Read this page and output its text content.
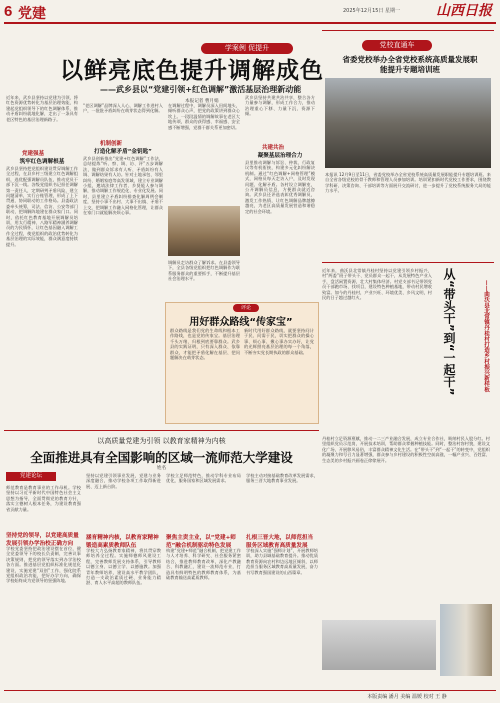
6 党建	2025年12月15日 星期一	山西日报
学案例 促提升
以鲜亮底色提升调解成色
——武乡县以“党建引领+红色调解”激活基层治理新动能
本报记者 曹月娟
近年来，武乡县坚持以党建为引领，将红色资源优势转化为基层治理效能，构建起党组织领导下的红色调解体系，推动矛盾纠纷就地化解，走出了一条具有老区特色的基层治理新路子。
党建强基
筑牢红色调解根基
武乡县坚持把党组织建设贯穿调解工作全过程，在县乡村三级建立红色调解组织，选优配强调解员队伍，推动党员干部下沉一线。各级党组织书记担任调解第一责任人，定期研判矛盾风险，建立问题清单，实行台账管理，形成了上下贯通、协同联动的工作格局。县委政法委牵头统筹，司法、信访、公安等部门联动，把调解阵地建在群众家门口。同时，依托红色教育基地开展调解员培训，用太行精神、八路军精神涵养调解员的为民情怀，让红色基因融入调解工作全过程，使党组织的政治优势转化为基层治理的实际效能，群众满意度持续提升。
“老区调解”品牌深入人心，调解工作进村入户，一批批矛盾纠纷在萌芽状态得到化解。
机制创新
打造化解矛盾“金钥匙”
武乡县创新推出“党建+红色调解”工作法，总结提炼“听、察、调、访、评”五步调解法，做到群众诉求有人听、矛盾纠纷有人调、调解结果有人访。针对土地承包、邻里纠纷、婚姻家庭等高发领域，建立专业调解小组，邀请法律工作者、乡贤能人参与调解，推动调解工作规范化、专业化发展。同时，县里建立矛盾纠纷排查化解周例会制度，坚持小事不出村、大事不出镇、矛盾不上交，把调解工作融入网格化管理，让群众在家门口就能解决烦心事。
在调解过程中，调解员深入田间地头，倾听群众心声，把党的政策讲到群众心坎上。一段段温情的调解故事在老区大地传颂，群众的获得感、幸福感、安全感不断增强，党群干群关系更加密切。
调解员走访群众了解诉求。在县委领导下，全县各级党组织把红色调解作为联系服务群众的重要抓手，不断提升基层社会治理水平。
武乡县坚持共建共治共享，整合各方力量参与调解，形成工作合力，推动治理重心下移、力量下沉、资源下倾。
共建共治
凝聚基层治理合力
县里推动调解与诉讼、仲裁、行政复议等有机衔接，构建多元化纠纷解决机制。通过“红色调解+网格管理”模式，网格员每天走访入户，及时发现问题、化解矛盾。各村设立调解室，公开调解员信息，方便群众就近咨询。武乡县还评选表彰优秀调解员，激发工作热情，让红色调解品牌越擦越亮，为老区高质量发展营造和谐稳定的社会环境。
党校直通车
省委党校举办全省党校系统高质量发展职能提升专题培训班
本报讯 12月9日至11日，省委党校举办全省党校系统高质量发展职能提升专题培训班。来自全省各级党校的骨干教师和管理人员参加培训。培训紧扣新时代党校工作要求，围绕教学科研、决策咨询、干部培训等方面展开交流研讨，进一步提升了党校系统服务大局的能力水平。
评论
用好群众路线“传家宝”
群众路线是我们党的生命线和根本工作路线，也是党的传家宝。基层治理千头万绪，归根到底要靠群众。武乡县的实践证明，只有深入群众、依靠群众，才能把矛盾化解在基层、把问题解决在萌芽状态。
新时代用好群众路线，就要坚持问计于民、问需于民，切实把群众的操心事、烦心事、揪心事办实办好，让党的光辉照亮基层治理的每一个角落，不断夯实党长期执政的群众基础。
近年来，曲沃县北常镇丹桂村坚持以党建引领乡村振兴，村“两委”班子带头干、党员群众一起干，从发展特色产业入手，盘活闲置资源，壮大村集体经济。村党支部书记带领党员干部跑市场、找项目，建设特色种植基地，带动村民增收致富。如今的丹桂村，产业兴旺、环境优美、乡风文明，村民的日子越过越红火。	从“带头干”到“一起干”	——曲沃县北常镇丹桂村打造乡村振兴新样板
丹桂村立足资源禀赋，推动一二三产业融合发展，成立专业合作社，吸纳村民入股分红。村里组织党员示范岗，开展技术培训，帮助群众掌握种植技能。同时，整治村容村貌，建设文化广场，开展移风易俗，丰富群众精神文化生活。在“带头干”到“一起干”的转变中，党组织的凝聚力和号召力显著增强，群众参与乡村建设的积极性空前高涨，一幅产业兴、百姓富、生态美的乡村振兴画卷正徐徐展开。
以高质量党建为引领 以教育家精神为内核
全面推进具有全国影响的区域一流师范大学建设
姓名
党建论坛
师范教育是教育事业的工作母机。学校坚持以习近平新时代中国特色社会主义思想为指导，全面贯彻党的教育方针，落实立德树人根本任务，为建设教育强省贡献力量。
坚持党的领导，以党建高质量发展引领办学治校正确方向
学校党委坚持把政治建设摆在首位，健全党委领导下的校长负责制，完善议事决策规则，把党的领导落实到办学治校各方面。推进基层党组织标准化规范化建设，实施党建“双创”工作，强化院系党组织政治功能，把好办学方向，确保学校始终成为党领导的坚强阵地。
坚持以党建引领事业发展，党建与业务深度融合，推动学校各项工作取得新进展、迈上新台阶。
涵育精神内核，以教育家精神锻造高素质教师队伍
学校大力弘扬教育家精神，将其贯穿教师培养全过程。实施师德师风建设工程，完善教师发展支持体系，引导教师以德立身、以德立学、以德施教。加强青年教师培养，建设高水平教学团队，打造一支政治素质过硬、业务能力精湛、育人水平高超的教师队伍。
学校立足师范特色，推动学科专业布局优化，服务国家和区域发展需求。
聚焦主责主业，以“党建+师范”融合机制驱动特色发展
构建“党建+师范”融合机制，把党建工作与人才培养、科学研究、社会服务紧密结合，推进教师教育改革，深化产教融合、科教融汇，建设一流师范专业，打造具有鲜明特色的教师教育体系，为基础教育输送高素质教师。
学校主动对接基础教育改革发展需求，服务三晋大地教育事业发展。
扎根三晋大地，以师范担当服务区域教育高质量发展
学校深入实施“强师计划”，开展教师培训，助力县域基础教育提升。推动优质教育资源向农村和边远地区倾斜，以师范担当服务区域教育高质量发展，奋力书写教育强国建设的山西篇章。
本版责编 潘月 美编 温媛 校对 王 静
